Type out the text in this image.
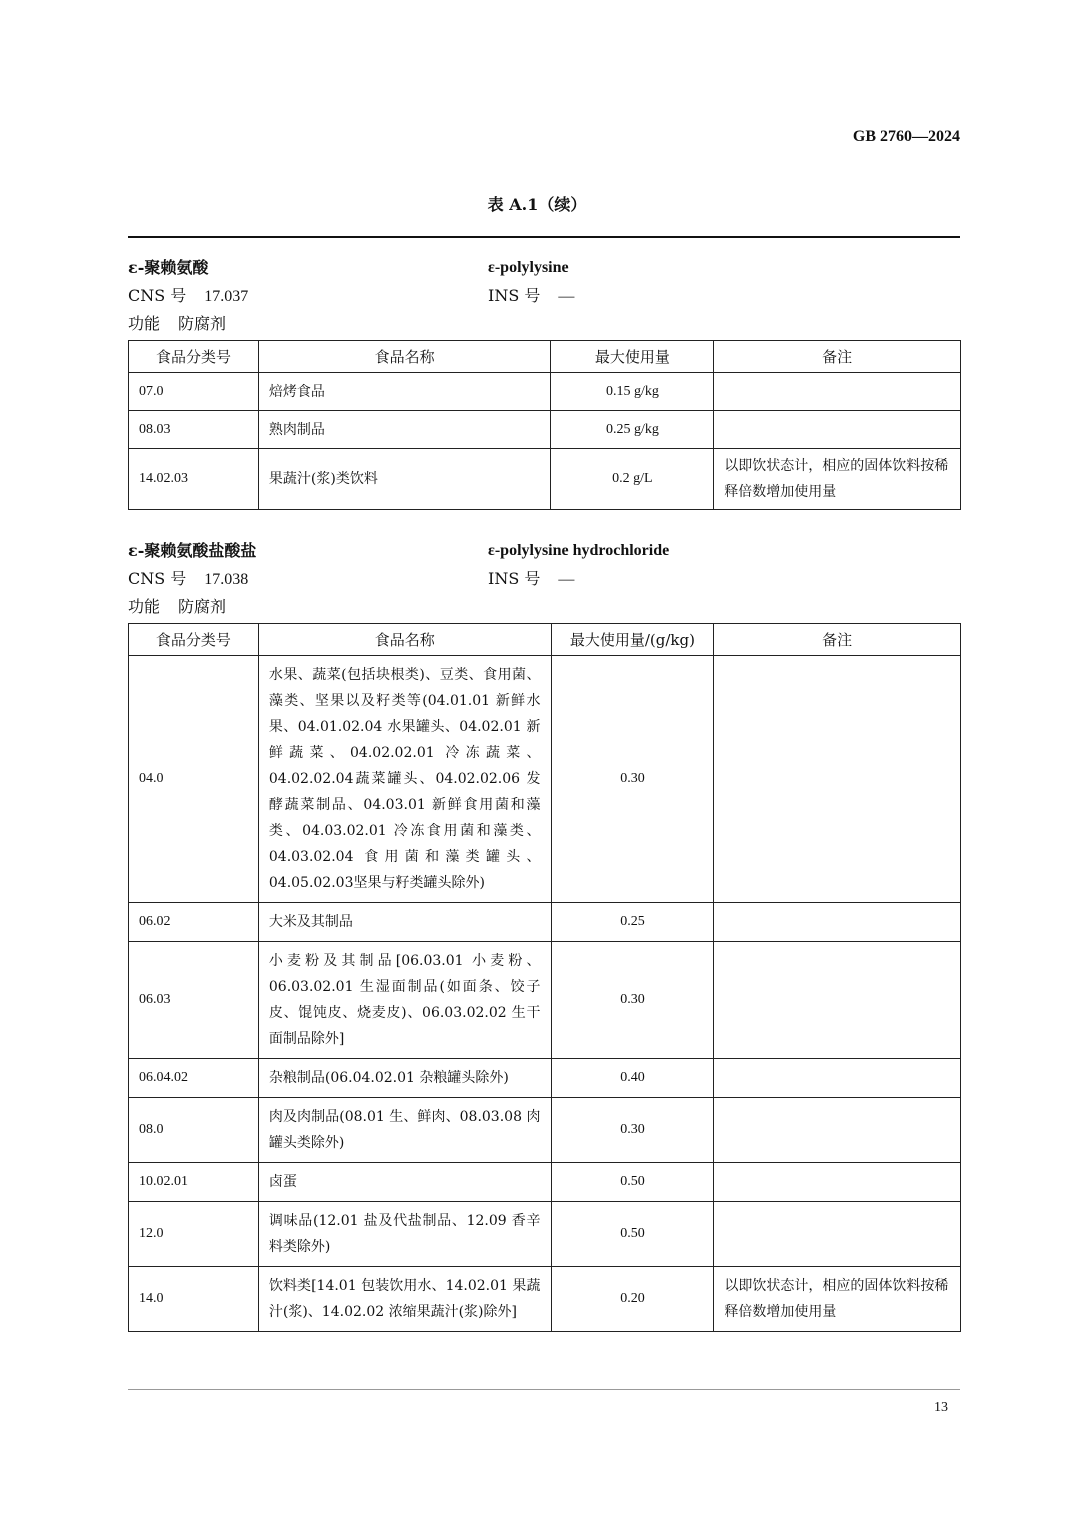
GB 2760—2024
表 A.1（续）
ε-聚赖氨酸	ε-polylysine
CNS 号 17.037	INS 号 —
功能 防腐剂
食品分类号	食品名称	最大使用量	备注
07.0	焙烤食品	0.15 g/kg	
08.03	熟肉制品	0.25 g/kg	
14.02.03	果蔬汁(浆)类饮料	0.2 g/L	以即饮状态计，相应的固体饮料按稀释倍数增加使用量
ε-聚赖氨酸盐酸盐	ε-polylysine hydrochloride
CNS 号 17.038	INS 号 —
功能 防腐剂
食品分类号	食品名称	最大使用量/(g/kg)	备注
04.0	水果、蔬菜(包括块根类)、豆类、食用菌、藻类、坚果以及籽类等(04.01.01 新鲜水果、04.01.02.04 水果罐头、04.02.01 新鲜蔬菜、04.02.02.01 冷冻蔬菜、04.02.02.04蔬菜罐头、04.02.02.06 发酵蔬菜制品、04.03.01 新鲜食用菌和藻类、04.03.02.01 冷冻食用菌和藻类、04.03.02.04 食用菌和藻类罐头、04.05.02.03坚果与籽类罐头除外)	0.30	
06.02	大米及其制品	0.25	
06.03	小麦粉及其制品[06.03.01 小麦粉、06.03.02.01 生湿面制品(如面条、饺子皮、馄饨皮、烧麦皮)、06.03.02.02 生干面制品除外]	0.30	
06.04.02	杂粮制品(06.04.02.01 杂粮罐头除外)	0.40	
08.0	肉及肉制品(08.01 生、鲜肉、08.03.08 肉罐头类除外)	0.30	
10.02.01	卤蛋	0.50	
12.0	调味品(12.01 盐及代盐制品、12.09 香辛料类除外)	0.50	
14.0	饮料类[14.01 包装饮用水、14.02.01 果蔬汁(浆)、14.02.02 浓缩果蔬汁(浆)除外]	0.20	以即饮状态计，相应的固体饮料按稀释倍数增加使用量
13
